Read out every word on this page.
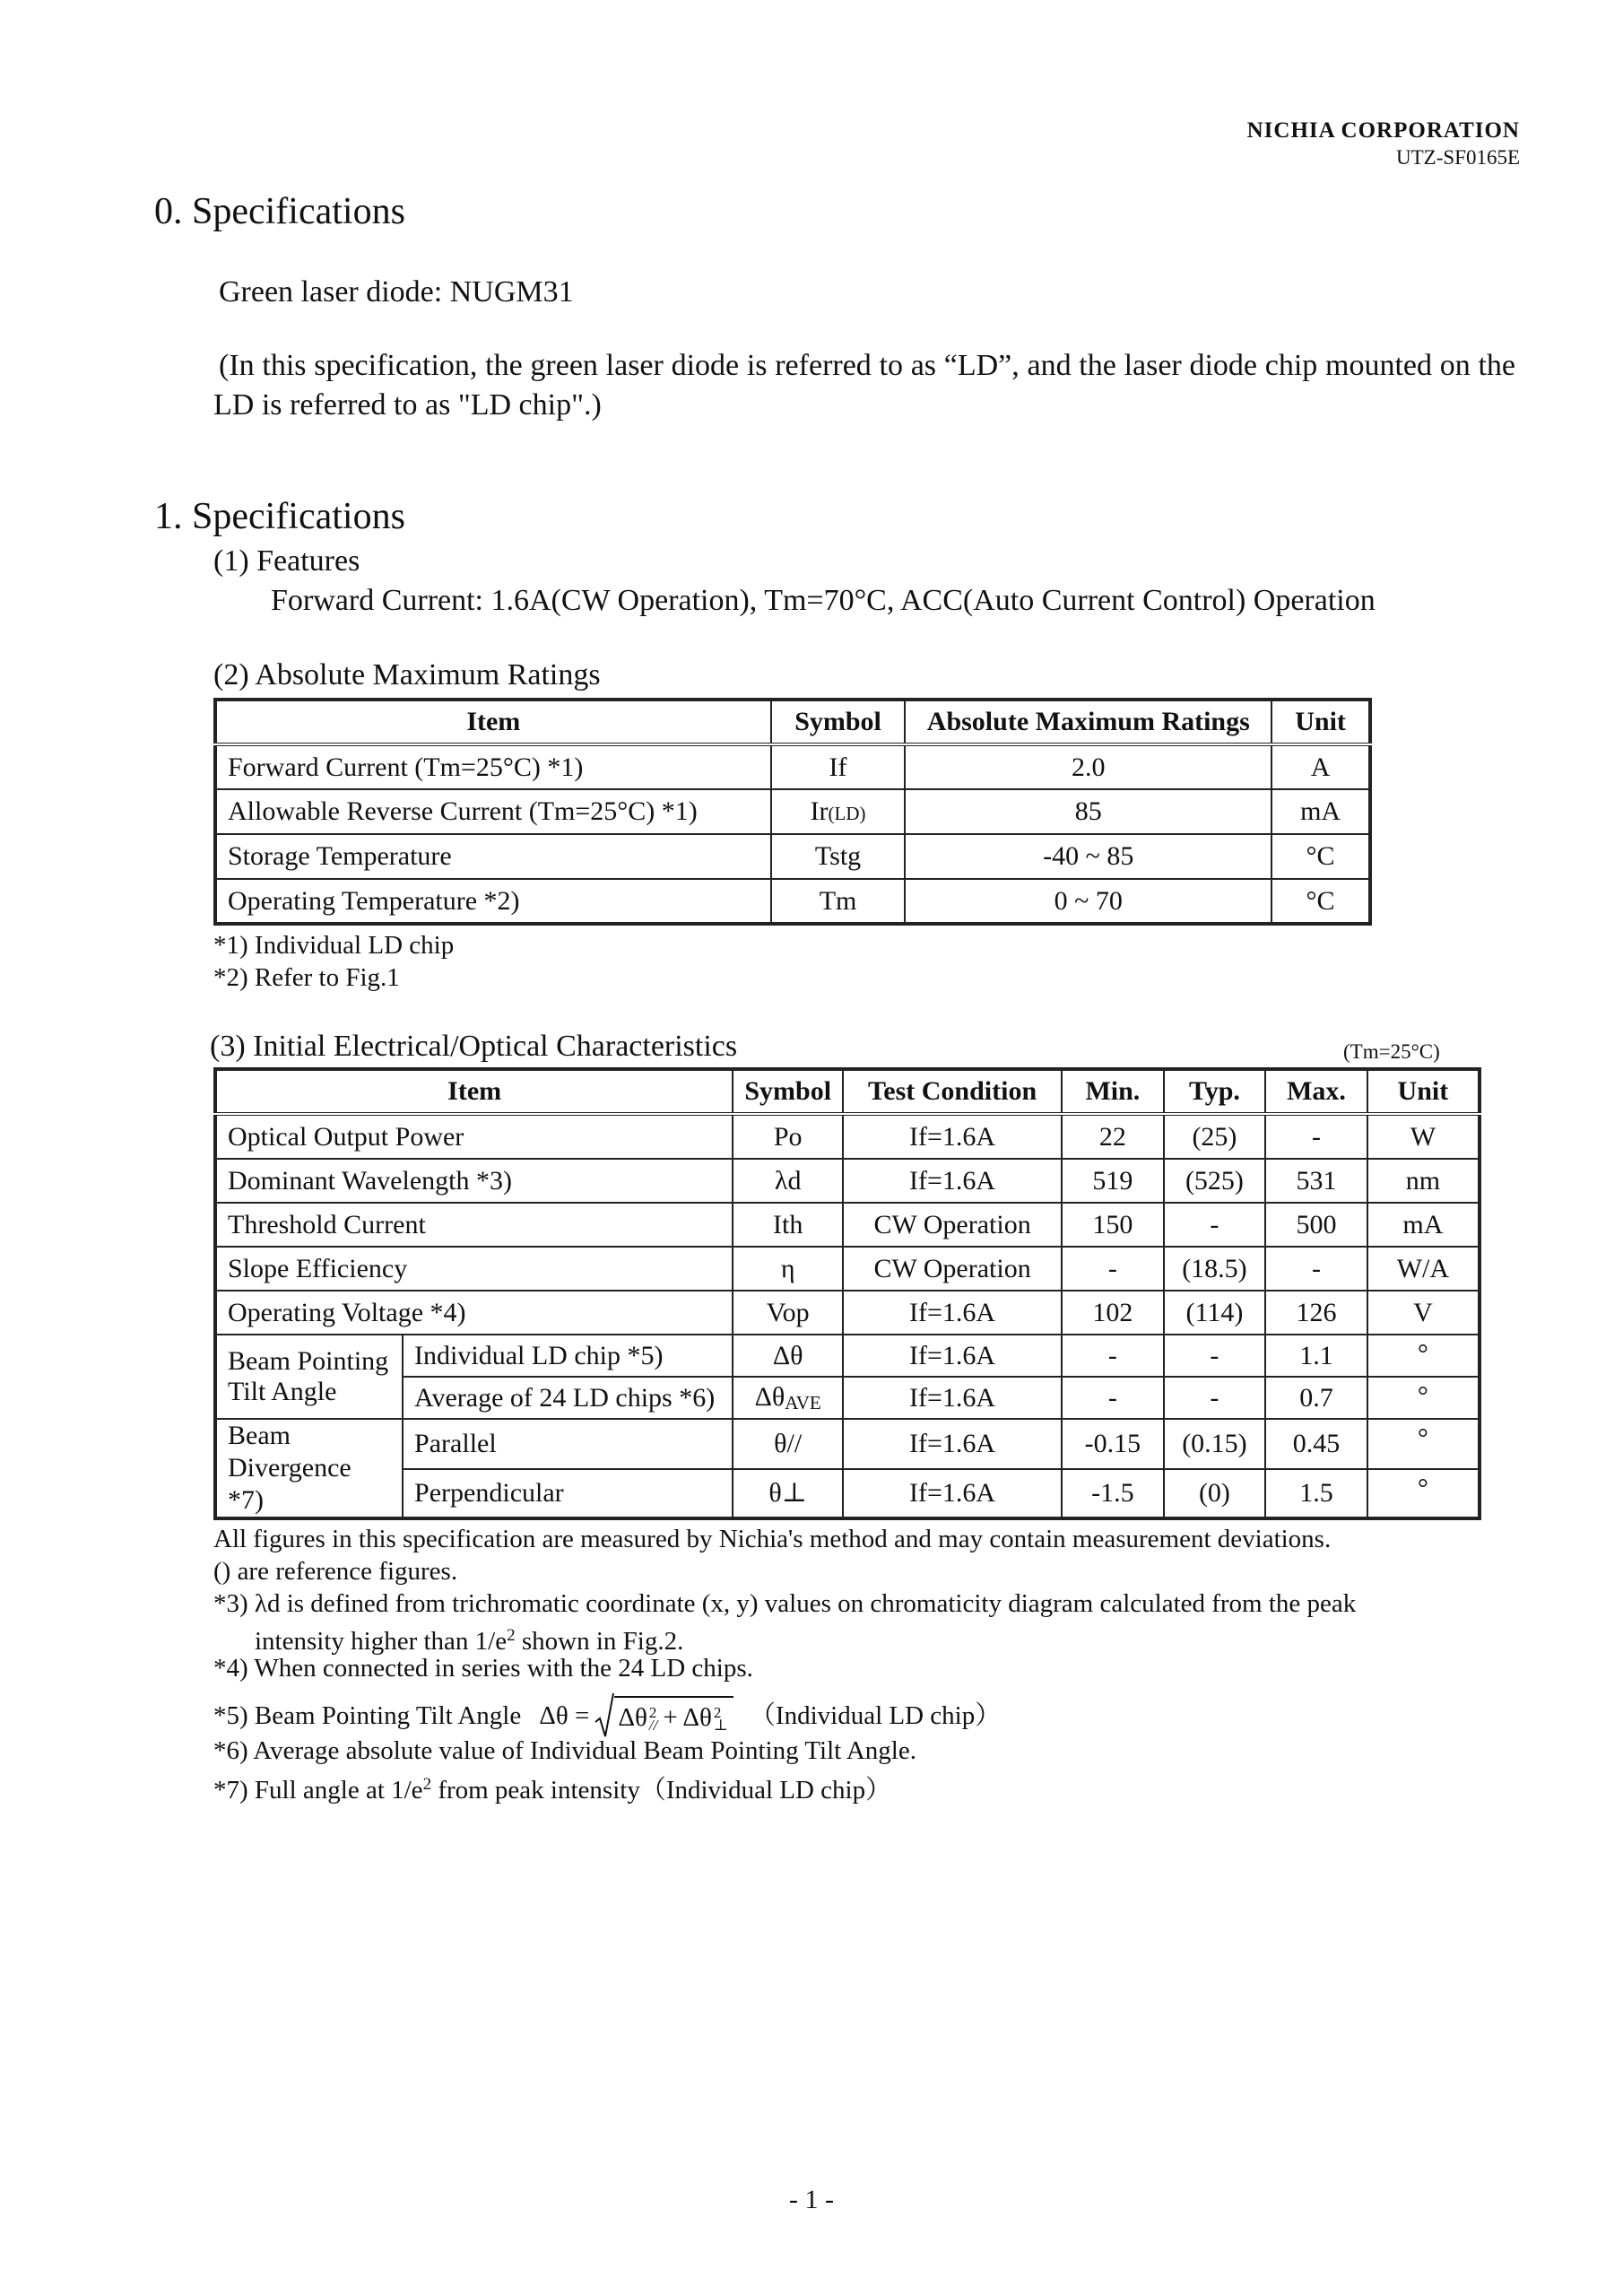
NICHIA CORPORATION
UTZ-SF0165E
0. Specifications
Green laser diode: NUGM31
(In this specification, the green laser diode is referred to as “LD”, and the laser diode chip mounted on the LD is referred to as "LD chip".)
1. Specifications
(1) Features
Forward Current: 1.6A(CW Operation), Tm=70°C, ACC(Auto Current Control) Operation
(2) Absolute Maximum Ratings
Item	Symbol	Absolute Maximum Ratings	Unit
Forward Current (Tm=25°C) *1)	If	2.0	A
Allowable Reverse Current (Tm=25°C) *1)	Ir(LD)	85	mA
Storage Temperature	Tstg	-40 ~ 85	°C
Operating Temperature *2)	Tm	0 ~ 70	°C
*1) Individual LD chip
*2) Refer to Fig.1
(3) Initial Electrical/Optical Characteristics	(Tm=25°C)
Item		Symbol	Test Condition	Min.	Typ.	Max.	Unit
Optical Output Power		Po	If=1.6A	22	(25)	-	W
Dominant Wavelength *3)		λd	If=1.6A	519	(525)	531	nm
Threshold Current		Ith	CW Operation	150	-	500	mA
Slope Efficiency		η	CW Operation	-	(18.5)	-	W/A
Operating Voltage *4)		Vop	If=1.6A	102	(114)	126	V
Beam Pointing
Tilt Angle	Individual LD chip *5)	Δθ	If=1.6A	-	-	1.1	°
	Average of 24 LD chips *6)	$\Delta\theta_{AVE}$	If=1.6A	-	-	0.7	°
Beam
Divergence *7)	Parallel	θ//	If=1.6A	-0.15	(0.15)	0.45	°
	Perpendicular	θ⊥	If=1.6A	-1.5	(0)	1.5	°
All figures in this specification are measured by Nichia's method and may contain measurement deviations.
() are reference figures.
*3) λd is defined from trichromatic coordinate (x, y) values on chromaticity diagram calculated from the peak
intensity higher than $1/e^2$ shown in Fig.2.
*4) When connected in series with the 24 LD chips.
*5) Beam Pointing Tilt Angle Δθ = Δθ 2
// + Δθ 2
⊥ （Individual LD chip）
*6) Average absolute value of Individual Beam Pointing Tilt Angle.
*7) Full angle at $1/e^2$ from peak intensity（Individual LD chip）
- 1 -
